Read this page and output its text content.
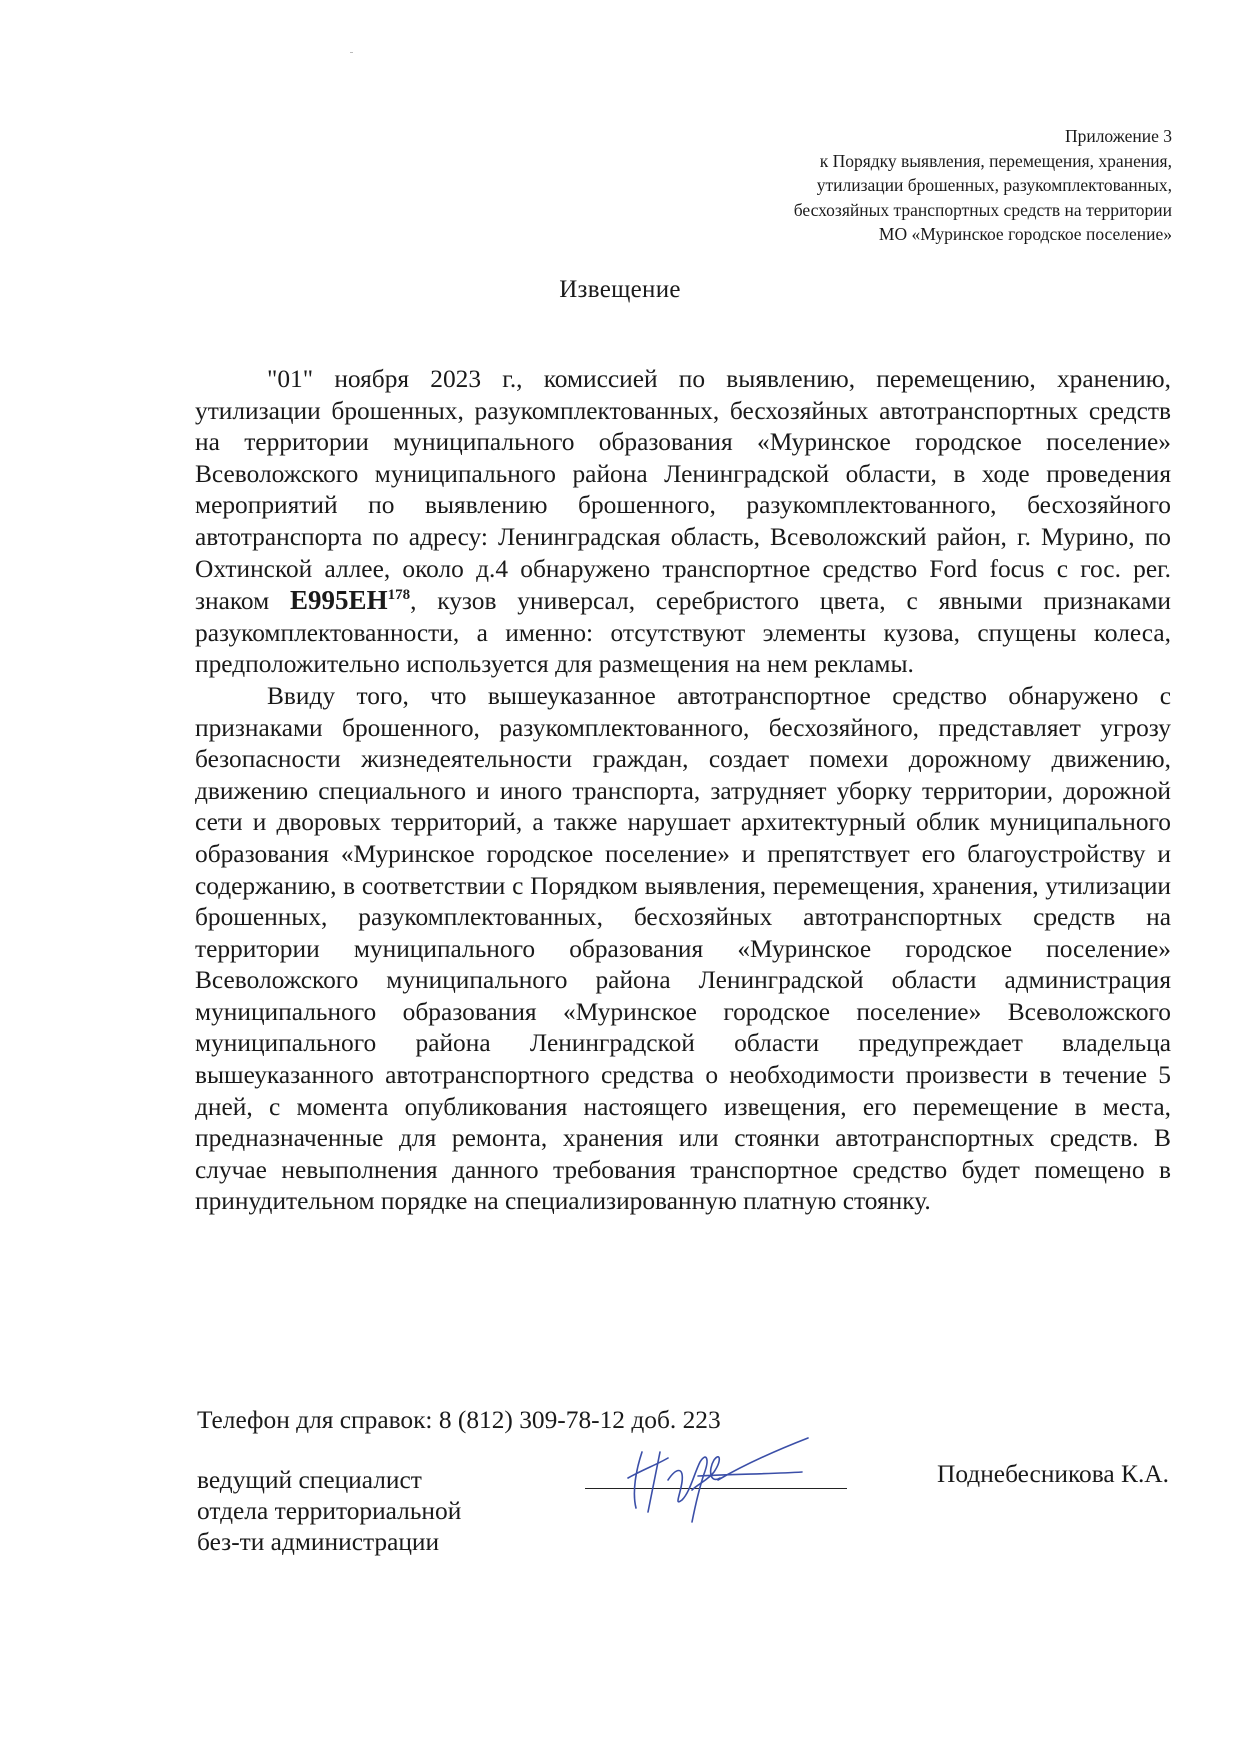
Приложение 3
к Порядку выявления, перемещения, хранения,
утилизации брошенных, разукомплектованных,
бесхозяйных транспортных средств на территории
МО «Муринское городское поселение»
Извещение

"01" ноября 2023 г., комиссией по выявлению, перемещению, хранению, утилизации брошенных, разукомплектованных, бесхозяйных автотранспортных средств на территории муниципального образования «Муринское городское поселение» Всеволожского муниципального района Ленинградской области, в ходе проведения мероприятий по выявлению брошенного, разукомплектованного, бесхозяйного автотранспорта по адресу: Ленинградская область, Всеволожский район, г. Мурино, по Охтинской аллее, около д.4 обнаружено транспортное средство Ford focus с гос. рег. знаком Е995ЕН$^{178}$, кузов универсал, серебристого цвета, с явными признаками разукомплектованности, а именно: отсутствуют элементы кузова, спущены колеса, предположительно используется для размещения на нем рекламы.

Ввиду того, что вышеуказанное автотранспортное средство обнаружено с признаками брошенного, разукомплектованного, бесхозяйного, представляет угрозу безопасности жизнедеятельности граждан, создает помехи дорожному движению, движению специального и иного транспорта, затрудняет уборку территории, дорожной сети и дворовых территорий, а также нарушает архитектурный облик муниципального образования «Муринское городское поселение» и препятствует его благоустройству и содержанию, в соответствии с Порядком выявления, перемещения, хранения, утилизации брошенных, разукомплектованных, бесхозяйных автотранспортных средств на территории муниципального образования «Муринское городское поселение» Всеволожского муниципального района Ленинградской области администрация муниципального образования «Муринское городское поселение» Всеволожского муниципального района Ленинградской области предупреждает владельца вышеуказанного автотранспортного средства о необходимости произвести в течение 5 дней, с момента опубликования настоящего извещения, его перемещение в места, предназначенные для ремонта, хранения или стоянки автотранспортных средств. В случае невыполнения данного требования транспортное средство будет помещено в принудительном порядке на специализированную платную стоянку.

Телефон для справок: 8 (812) 309-78-12 доб. 223
ведущий специалист
отдела территориальной
без-ти администрации
Поднебесникова К.А.
